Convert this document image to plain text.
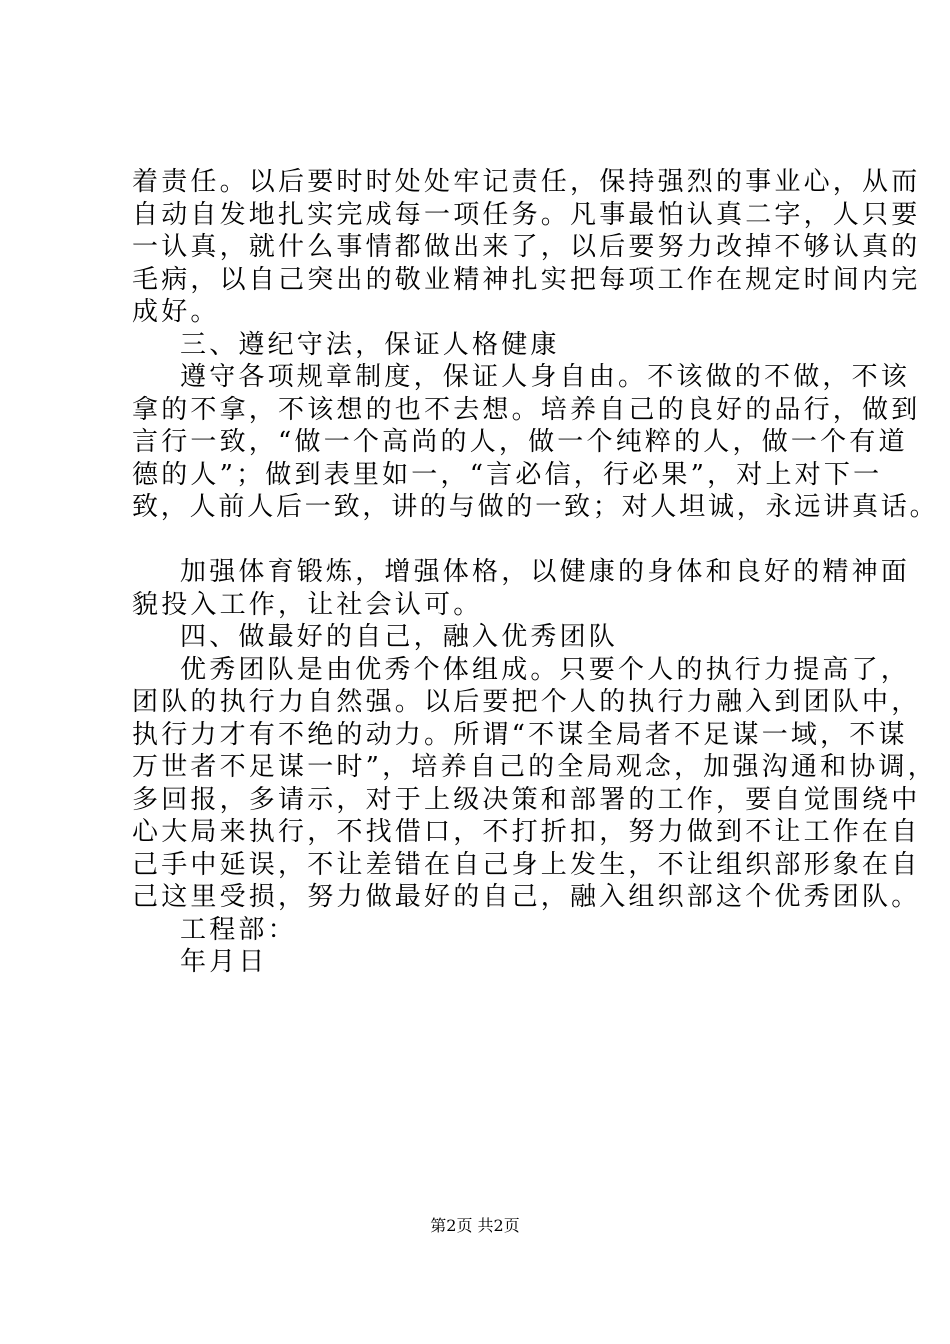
着责任。以后要时时处处牢记责任，保持强烈的事业心，从而
自动自发地扎实完成每一项任务。凡事最怕认真二字，人只要
一认真，就什么事情都做出来了，以后要努力改掉不够认真的
毛病，以自己突出的敬业精神扎实把每项工作在规定时间内完
成好。
三、遵纪守法，保证人格健康
遵守各项规章制度，保证人身自由。不该做的不做，不该
拿的不拿，不该想的也不去想。培养自己的良好的品行，做到
言行一致，“做一个高尚的人，做一个纯粹的人，做一个有道
德的人”；做到表里如一，“言必信，行必果”，对上对下一
致，人前人后一致，讲的与做的一致；对人坦诚，永远讲真话。
加强体育锻炼，增强体格，以健康的身体和良好的精神面
貌投入工作，让社会认可。
四、做最好的自己，融入优秀团队
优秀团队是由优秀个体组成。只要个人的执行力提高了，
团队的执行力自然强。以后要把个人的执行力融入到团队中，
执行力才有不绝的动力。所谓“不谋全局者不足谋一域，不谋
万世者不足谋一时”，培养自己的全局观念，加强沟通和协调，
多回报，多请示，对于上级决策和部署的工作，要自觉围绕中
心大局来执行，不找借口，不打折扣，努力做到不让工作在自
己手中延误，不让差错在自己身上发生，不让组织部形象在自
己这里受损，努力做最好的自己，融入组织部这个优秀团队。
工程部：
年月日
第2页 共2页
